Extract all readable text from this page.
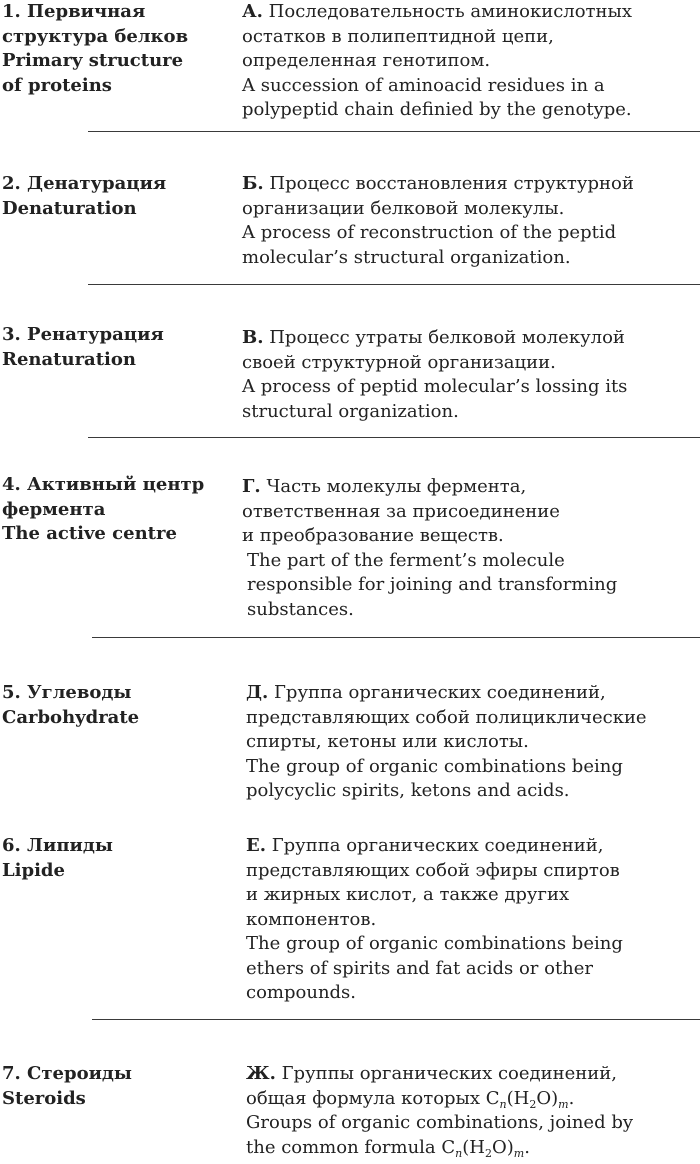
1. Первичная
структура белков
Primary structure
of proteins
А. Последовательность аминокислотных
остатков в полипептидной цепи,
определенная генотипом.
A succession of aminoacid residues in a
polypeptid chain definied by the genotype.
2. Денатурация
Denaturation
Б. Процесс восстановления структурной
организации белковой молекулы.
A process of reconstruction of the peptid
molecular’s structural organization.
3. Ренатурация
Renaturation
В. Процесс утраты белковой молекулой
своей структурной организации.
A process of peptid molecular’s lossing its
structural organization.
4. Активный центр
фермента
The active centre
Г. Часть молекулы фермента,
ответственная за присоединение
и преобразование веществ.
The part of the ferment’s molecule
responsible for joining and transforming
substances.
5. Углеводы
Carbohydrate
Д. Группа органических соединений,
представляющих собой полициклические
спирты, кетоны или кислоты.
The group of organic combinations being
polycyclic spirits, ketons and acids.
6. Липиды
Lipide
Е. Группа органических соединений,
представляющих собой эфиры спиртов
и жирных кислот, а также других
компонентов.
The group of organic combinations being
ethers of spirits and fat acids or other
compounds.
7. Стероиды
Steroids
Ж. Группы органических соединений,
общая формула которых $C_n(H_2O)_m$.
Groups of organic combinations, joined by
the common formula $C_n(H_2O)_m$.
